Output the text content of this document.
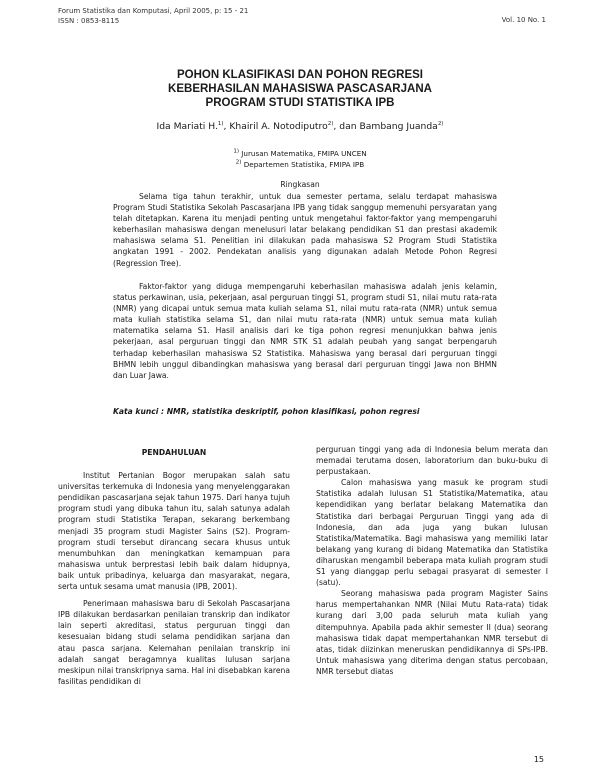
Forum Statistika dan Komputasi, April 2005, p: 15 - 21
ISSN : 0853-8115	Vol. 10 No. 1
POHON KLASIFIKASI DAN POHON REGRESI
KEBERHASILAN MAHASISWA PASCASARJANA
PROGRAM STUDI STATISTIKA IPB
Ida Mariati H.$^{1)}$, Khairil A. Notodiputro$^{2)}$, dan Bambang Juanda$^{2)}$
$^{1)}$ Jurusan Matematika, FMIPA UNCEN
$^{2)}$ Departemen Statistika, FMIPA IPB
Ringkasan

Selama tiga tahun terakhir, untuk dua semester pertama, selalu terdapat mahasiswa Program Studi Statistika Sekolah Pascasarjana IPB yang tidak sanggup memenuhi persyaratan yang telah ditetapkan. Karena itu menjadi penting untuk mengetahui faktor-faktor yang mempengaruhi keberhasilan mahasiswa dengan menelusuri latar belakang pendidikan S1 dan prestasi akademik mahasiswa selama S1. Penelitian ini dilakukan pada mahasiswa S2 Program Studi Statistika angkatan 1991 - 2002. Pendekatan analisis yang digunakan adalah Metode Pohon Regresi (Regression Tree).

Faktor-faktor yang diduga mempengaruhi keberhasilan mahasiswa adalah jenis kelamin, status perkawinan, usia, pekerjaan, asal perguruan tinggi S1, program studi S1, nilai mutu rata-rata (NMR) yang dicapai untuk semua mata kuliah selama S1, nilai mutu rata-rata (NMR) untuk semua mata kuliah statistika selama S1, dan nilai mutu rata-rata (NMR) untuk semua mata kuliah matematika selama S1. Hasil analisis dari ke tiga pohon regresi menunjukkan bahwa jenis pekerjaan, asal perguruan tinggi dan NMR STK S1 adalah peubah yang sangat berpengaruh terhadap keberhasilan mahasiswa S2 Statistika. Mahasiswa yang berasal dari perguruan tinggi BHMN lebih unggul dibandingkan mahasiswa yang berasal dari perguruan tinggi Jawa non BHMN dan Luar Jawa.

Kata kunci : NMR, statistika deskriptif, pohon klasifikasi, pohon regresi

PENDAHULUAN

Institut Pertanian Bogor merupakan salah satu universitas terkemuka di Indonesia yang menyelenggarakan pendidikan pascasarjana sejak tahun 1975. Dari hanya tujuh program studi yang dibuka tahun itu, salah satunya adalah program studi Statistika Terapan, sekarang berkembang menjadi 35 program studi Magister Sains (S2). Program-program studi tersebut dirancang secara khusus untuk menumbuhkan dan meningkatkan kemampuan para mahasiswa untuk berprestasi lebih baik dalam hidupnya, baik untuk pribadinya, keluarga dan masyarakat, negara, serta untuk sesama umat manusia (IPB, 2001).

Penerimaan mahasiswa baru di Sekolah Pascasarjana IPB dilakukan berdasarkan penilaian transkrip dan indikator lain seperti akreditasi, status perguruan tinggi dan kesesuaian bidang studi selama pendidikan sarjana dan atau pasca sarjana. Kelemahan penilaian transkrip ini adalah sangat beragamnya kualitas lulusan sarjana meskipun nilai transkripnya sama. Hal ini disebabkan karena fasilitas pendidikan di

perguruan tinggi yang ada di Indonesia belum merata dan memadai terutama dosen, laboratorium dan buku-buku di perpustakaan.

Calon mahasiswa yang masuk ke program studi Statistika adalah lulusan S1 Statistika/Matematika, atau kependidikan yang berlatar belakang Matematika dan Statistika dari berbagai Perguruan Tinggi yang ada di Indonesia, dan ada juga yang bukan lulusan Statistika/Matematika. Bagi mahasiswa yang memiliki latar belakang yang kurang di bidang Matematika dan Statistika diharuskan mengambil beberapa mata kuliah program studi S1 yang dianggap perlu sebagai prasyarat di semester I (satu).

Seorang mahasiswa pada program Magister Sains harus mempertahankan NMR (Nilai Mutu Rata-rata) tidak kurang dari 3,00 pada seluruh mata kuliah yang ditempuhnya. Apabila pada akhir semester II (dua) seorang mahasiswa tidak dapat mempertahankan NMR tersebut di atas, tidak diizinkan meneruskan pendidikannya di SPs-IPB. Untuk mahasiswa yang diterima dengan status percobaan, NMR tersebut diatas

15
